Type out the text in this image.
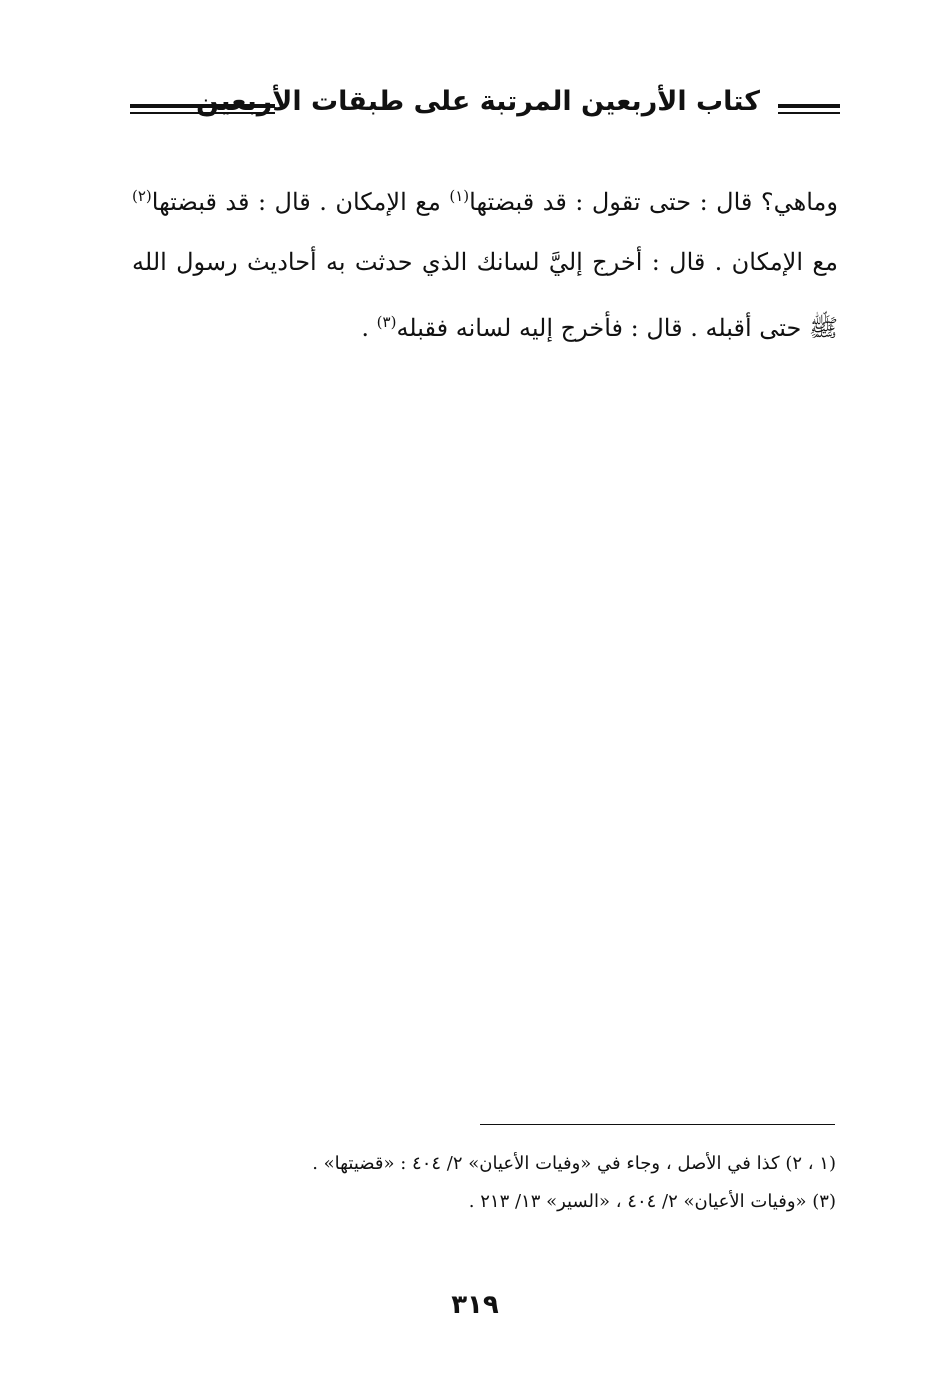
كتاب الأربعين المرتبة على طبقات الأربعين

وماهي؟ قال : حتى تقول : قد قبضتها$^{(١)}$ مع الإمكان . قال : قد قبضتها$^{(٢)}$ مع الإمكان . قال : أخرج إليَّ لسانك الذي حدثت به أحاديث رسول الله ﷺ حتى أقبله . قال : فأخرج إليه لسانه فقبله$^{(٣)}$ .

(١ ، ٢) كذا في الأصل ، وجاء في «وفيات الأعيان» ٢/ ٤٠٤ : «قضيتها» .

(٣) «وفيات الأعيان» ٢/ ٤٠٤ ، «السير» ١٣/ ٢١٣ .

٣١٩
